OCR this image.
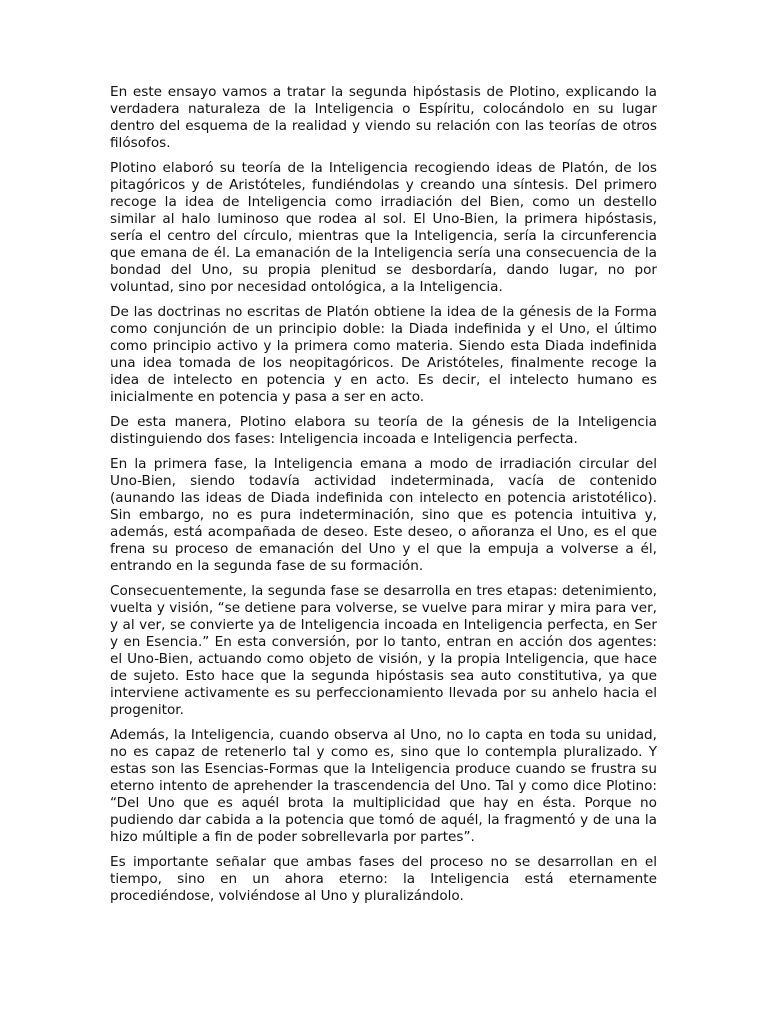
En este ensayo vamos a tratar la segunda hipóstasis de Plotino, explicando la verdadera naturaleza de la Inteligencia o Espíritu, colocándolo en su lugar dentro del esquema de la realidad y viendo su relación con las teorías de otros filósofos.

Plotino elaboró su teoría de la Inteligencia recogiendo ideas de Platón, de los pitagóricos y de Aristóteles, fundiéndolas y creando una síntesis. Del primero recoge la idea de Inteligencia como irradiación del Bien, como un destello similar al halo luminoso que rodea al sol. El Uno-Bien, la primera hipóstasis, sería el centro del círculo, mientras que la Inteligencia, sería la circunferencia que emana de él. La emanación de la Inteligencia sería una consecuencia de la bondad del Uno, su propia plenitud se desbordaría, dando lugar, no por voluntad, sino por necesidad ontológica, a la Inteligencia.

De las doctrinas no escritas de Platón obtiene la idea de la génesis de la Forma como conjunción de un principio doble: la Diada indefinida y el Uno, el último como principio activo y la primera como materia. Siendo esta Diada indefinida una idea tomada de los neopitagóricos. De Aristóteles, finalmente recoge la idea de intelecto en potencia y en acto. Es decir, el intelecto humano es inicialmente en potencia y pasa a ser en acto.

De esta manera, Plotino elabora su teoría de la génesis de la Inteligencia distinguiendo dos fases: Inteligencia incoada e Inteligencia perfecta.

En la primera fase, la Inteligencia emana a modo de irradiación circular del Uno-Bien, siendo todavía actividad indeterminada, vacía de contenido (aunando las ideas de Diada indefinida con intelecto en potencia aristotélico). Sin embargo, no es pura indeterminación, sino que es potencia intuitiva y, además, está acompañada de deseo. Este deseo, o añoranza el Uno, es el que frena su proceso de emanación del Uno y el que la empuja a volverse a él, entrando en la segunda fase de su formación.

Consecuentemente, la segunda fase se desarrolla en tres etapas: detenimiento, vuelta y visión, “se detiene para volverse, se vuelve para mirar y mira para ver, y al ver, se convierte ya de Inteligencia incoada en Inteligencia perfecta, en Ser y en Esencia.” En esta conversión, por lo tanto, entran en acción dos agentes: el Uno-Bien, actuando como objeto de visión, y la propia Inteligencia, que hace de sujeto. Esto hace que la segunda hipóstasis sea auto constitutiva, ya que interviene activamente es su perfeccionamiento llevada por su anhelo hacia el progenitor.

Además, la Inteligencia, cuando observa al Uno, no lo capta en toda su unidad, no es capaz de retenerlo tal y como es, sino que lo contempla pluralizado. Y estas son las Esencias-Formas que la Inteligencia produce cuando se frustra su eterno intento de aprehender la trascendencia del Uno. Tal y como dice Plotino: “Del Uno que es aquél brota la multiplicidad que hay en ésta. Porque no pudiendo dar cabida a la potencia que tomó de aquél, la fragmentó y de una la hizo múltiple a fin de poder sobrellevarla por partes”.

Es importante señalar que ambas fases del proceso no se desarrollan en el tiempo, sino en un ahora eterno: la Inteligencia está eternamente procediéndose, volviéndose al Uno y pluralizándolo.
